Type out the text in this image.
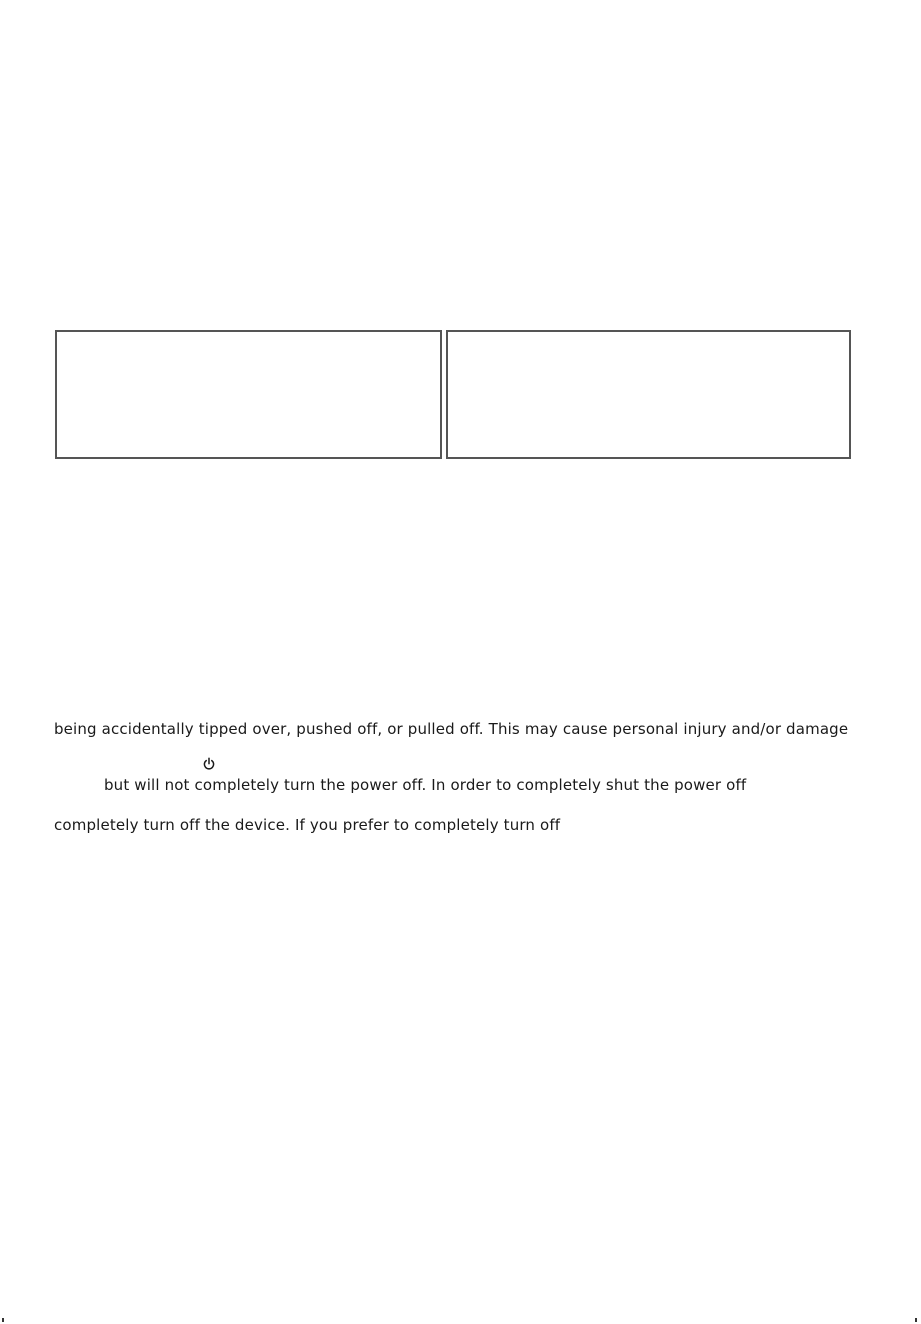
being accidentally tipped over, pushed off, or pulled off. This may cause personal injury and/or damage
but will not completely turn the power off. In order to completely shut the power off
completely turn off the device. If you prefer to completely turn off
